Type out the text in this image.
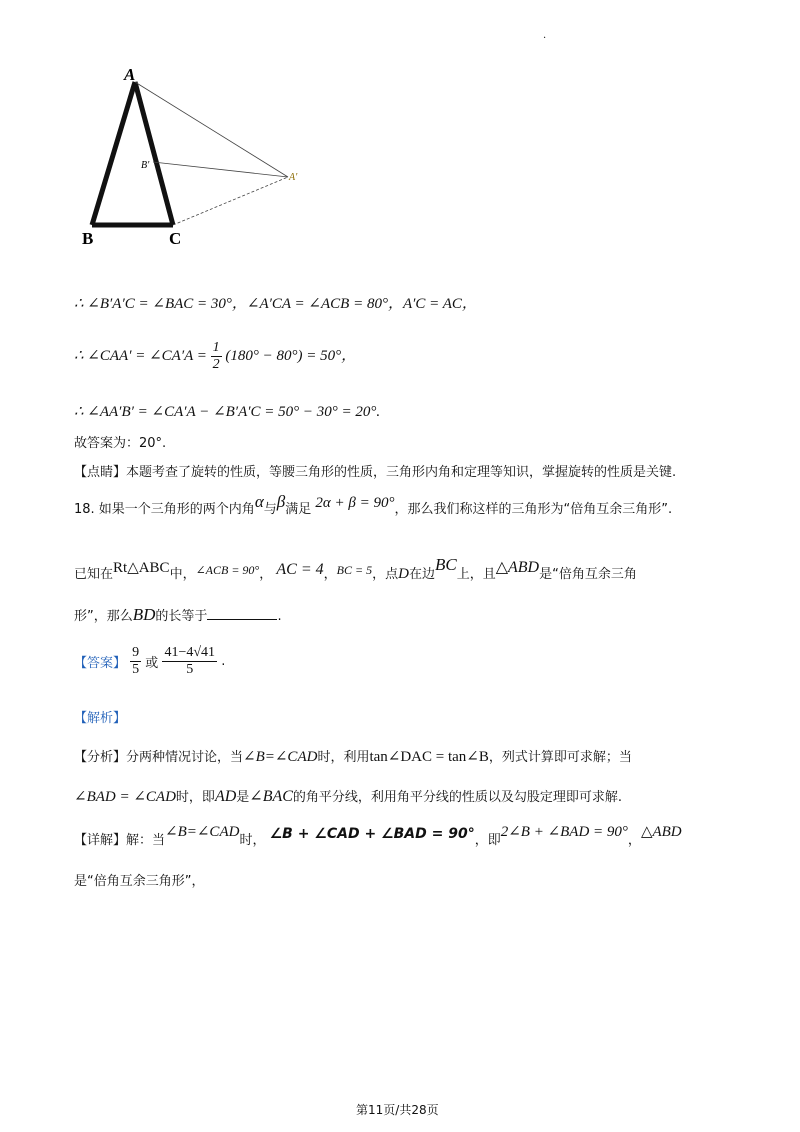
.
A
B	C
B'
A'
∴ ∠B′A′C = ∠BAC = 30°，∠A′CA = ∠ACB = 80°，A′C = AC，
∴ ∠CAA′ = ∠CA′A = $\frac{1}{2} (180^\circ - 80^\circ) = 50^\circ$，
∴ ∠AA′B′ = ∠CA′A − ∠B′A′C = 50° − 30° = 20°.
故答案为：20°.
【点睛】本题考查了旋转的性质，等腰三角形的性质，三角形内角和定理等知识，掌握旋转的性质是关键.
18. 如果一个三角形的两个内角α与β满足 2α + β = 90°，那么我们称这样的三角形为“倍角互余三角形”.
已知在Rt△ABC中，∠ACB = 90°， AC = 4，BC = 5，点D在边BC上，且△ABD是“倍角互余三角
形”，那么BD的长等于	.
【答案】 $\frac{9}{5}$ 或 $\frac{41-4√41}{5}$ .
【解析】
【分析】分两种情况讨论，当∠B=∠CAD时，利用tan∠DAC = tan∠B，列式计算即可求解；当
∠BAD = ∠CAD时，即AD是∠BAC的角平分线，利用角平分线的性质以及勾股定理即可求解.
【详解】解：当∠B=∠CAD时， ∠B + ∠CAD + ∠BAD = 90°，即2∠B + ∠BAD = 90°，△ABD
是“倍角互余三角形”，
第11页/共28页
